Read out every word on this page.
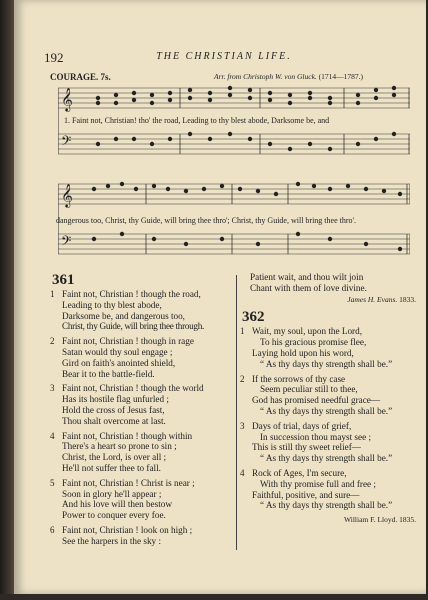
192	THE CHRISTIAN LIFE.
COURAGE. 7s.	Arr. from Christoph W. von Gluck. (1714—1787.)
𝄞
𝄢
1. Faint not, Christian! tho' the road, Leading to thy blest abode, Darksome be, and
𝄞
𝄢
dangerous too, Christ, thy Guide, will bring thee thro'; Christ, thy Guide, will bring thee thro'.
361
1 Faint not, Christian ! though the road,
Leading to thy blest abode,
Darksome be, and dangerous too,
Christ, thy Guide, will bring thee through.
2 Faint not, Christian ! though in rage
Satan would thy soul engage ;
Gird on faith's anointed shield,
Bear it to the battle-field.
3 Faint not, Christian ! though the world
Has its hostile flag unfurled ;
Hold the cross of Jesus fast,
Thou shalt overcome at last.
4 Faint not, Christian ! though within
There's a heart so prone to sin ;
Christ, the Lord, is over all ;
He'll not suffer thee to fall.
5 Faint not, Christian ! Christ is near ;
Soon in glory he'll appear ;
And his love will then bestow
Power to conquer every foe.
6 Faint not, Christian ! look on high ;
See the harpers in the sky :
Patient wait, and thou wilt join
Chant with them of love divine.
James H. Evans. 1833.
362
1 Wait, my soul, upon the Lord,
To his gracious promise flee,
Laying hold upon his word,
“ As thy days thy strength shall be.”
2 If the sorrows of thy case
Seem peculiar still to thee,
God has promised needful grace—
“ As thy days thy strength shall be.”
3 Days of trial, days of grief,
In succession thou mayst see ;
This is still thy sweet relief—
“ As thy days thy strength shall be.”
4 Rock of Ages, I'm secure,
With thy promise full and free ;
Faithful, positive, and sure—
“ As thy days thy strength shall be.”
William F. Lloyd. 1835.
